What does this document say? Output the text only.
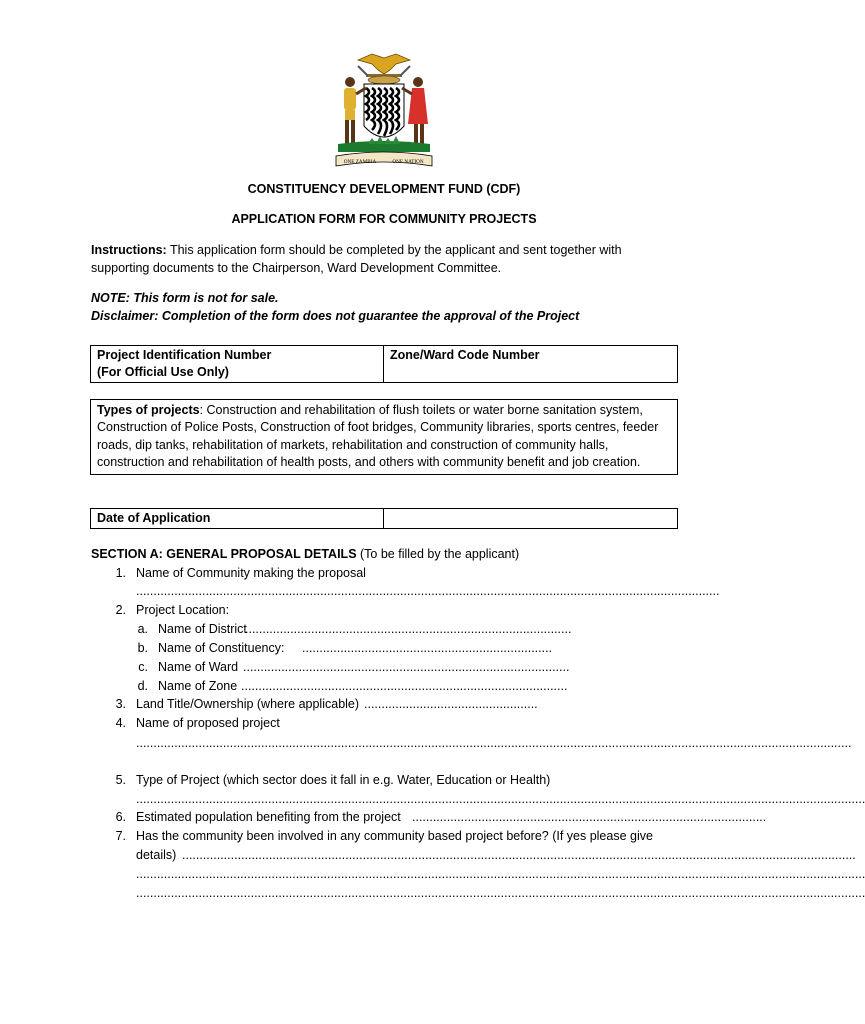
ONE ZAMBIA	ONE NATION
CONSTITUENCY DEVELOPMENT FUND (CDF)
APPLICATION FORM FOR COMMUNITY PROJECTS
Instructions: This application form should be completed by the applicant and sent together with supporting documents to the Chairperson, Ward Development Committee.
NOTE: This form is not for sale.
Disclaimer: Completion of the form does not guarantee the approval of the Project
Project Identification Number
(For Official Use Only)

Zone/Ward Code Number
Types of projects: Construction and rehabilitation of flush toilets or water borne sanitation system, Construction of Police Posts, Construction of foot bridges, Community libraries, sports centres, feeder roads, dip tanks, rehabilitation of markets, rehabilitation and construction of community halls, construction and rehabilitation of health posts, and others with community benefit and job creation.
Date of Application	
SECTION A: GENERAL PROPOSAL DETAILS (To be filled by the applicant)
1. Name of Community making the proposal
........................................................................................................................................................................
2. Project Location:
a. Name of District
..............................................................................................
b. Name of Constituency: ........................................................................
c. Name of Ward ..............................................................................................
d. Name of Zone ..............................................................................................
3. Land Title/Ownership (where applicable) ..................................................
4. Name of proposed project
..............................................................................................................................................................................................................
5. Type of Project (which sector does it fall in e.g. Water, Education or Health)
..................................................................................................................................................................................................................
6. Estimated population benefiting from the project ......................................................................................................
7. Has the community been involved in any community based project before? (If yes please give
details) ..................................................................................................................................................................................................
..................................................................................................................................................................................................................
..................................................................................................................................................................................................................
